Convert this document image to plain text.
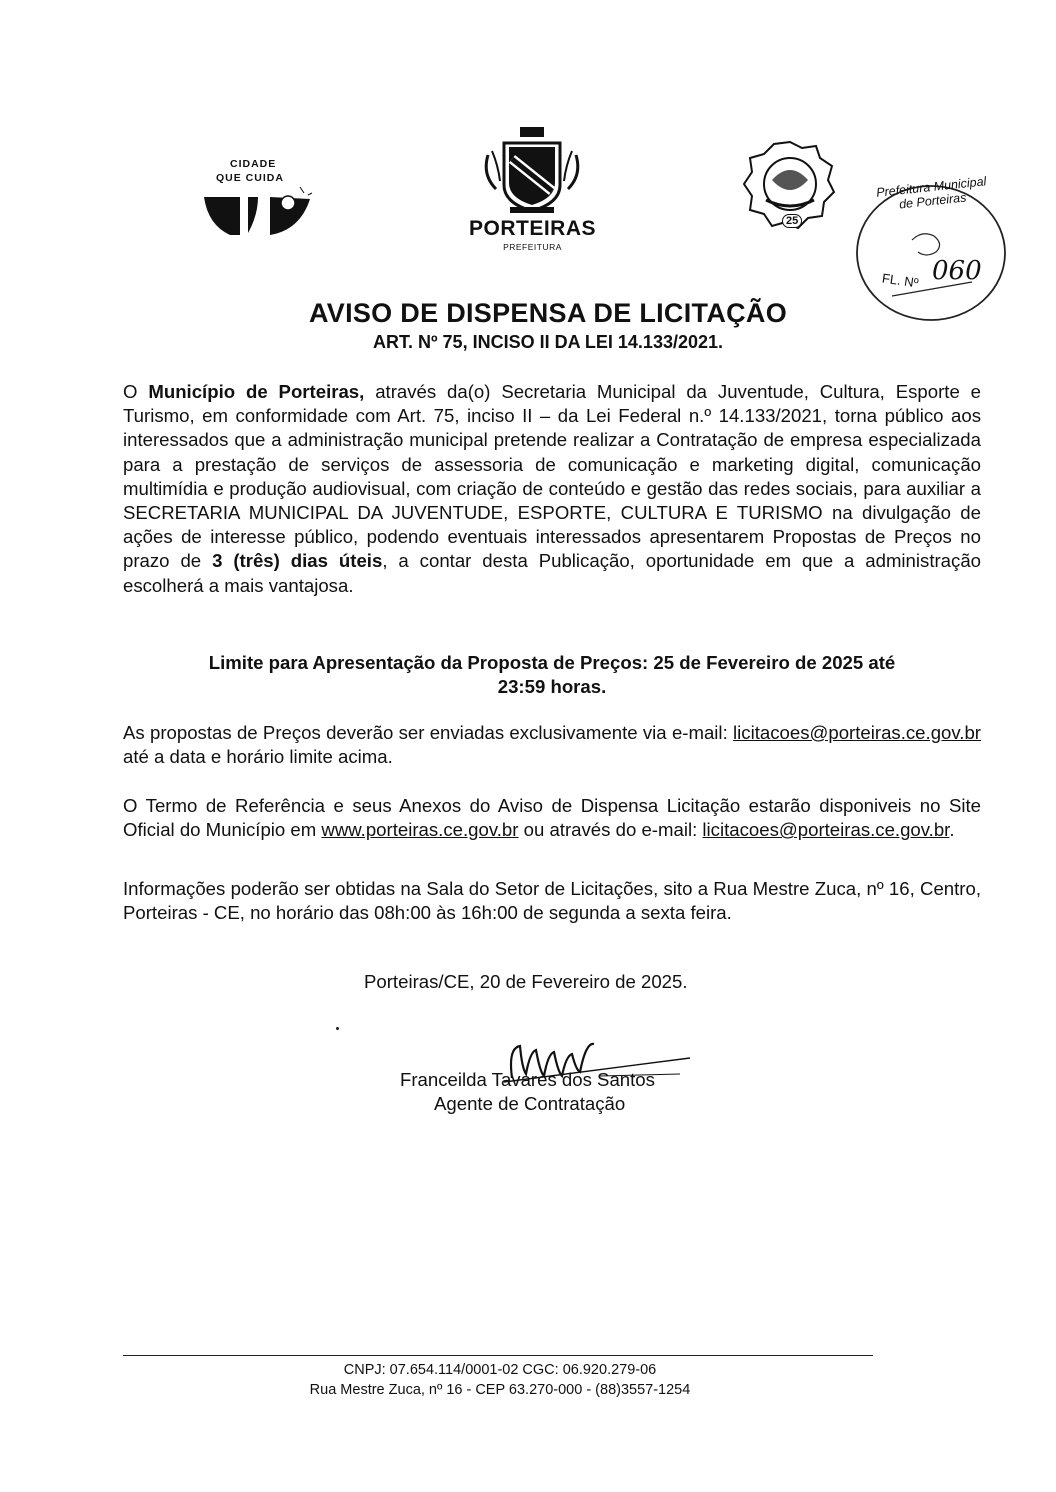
CIDADE
QUE CUIDA
PORTEIRAS
PREFEITURA
25
Prefeitura Municipal de Porteiras
FL. Nº 060
AVISO DE DISPENSA DE LICITAÇÃO
ART. Nº 75, INCISO II DA LEI 14.133/2021.
O Município de Porteiras, através da(o) Secretaria Municipal da Juventude, Cultura, Esporte e Turismo, em conformidade com Art. 75, inciso II – da Lei Federal n.º 14.133/2021, torna público aos interessados que a administração municipal pretende realizar a Contratação de empresa especializada para a prestação de serviços de assessoria de comunicação e marketing digital, comunicação multimídia e produção audiovisual, com criação de conteúdo e gestão das redes sociais, para auxiliar a SECRETARIA MUNICIPAL DA JUVENTUDE, ESPORTE, CULTURA E TURISMO na divulgação de ações de interesse público, podendo eventuais interessados apresentarem Propostas de Preços no prazo de 3 (três) dias úteis, a contar desta Publicação, oportunidade em que a administração escolherá a mais vantajosa.
Limite para Apresentação da Proposta de Preços: 25 de Fevereiro de 2025 até
23:59 horas.
As propostas de Preços deverão ser enviadas exclusivamente via e-mail: licitacoes@porteiras.ce.gov.br até a data e horário limite acima.
O Termo de Referência e seus Anexos do Aviso de Dispensa Licitação estarão disponiveis no Site Oficial do Município em www.porteiras.ce.gov.br ou através do e-mail: licitacoes@porteiras.ce.gov.br.
Informações poderão ser obtidas na Sala do Setor de Licitações, sito a Rua Mestre Zuca, nº 16, Centro, Porteiras - CE, no horário das 08h:00 às 16h:00 de segunda a sexta feira.
Porteiras/CE, 20 de Fevereiro de 2025.
Franceilda Tavares dos Santos
Agente de Contratação
CNPJ: 07.654.114/0001-02 CGC: 06.920.279-06
Rua Mestre Zuca, nº 16 - CEP 63.270-000 - (88)3557-1254
